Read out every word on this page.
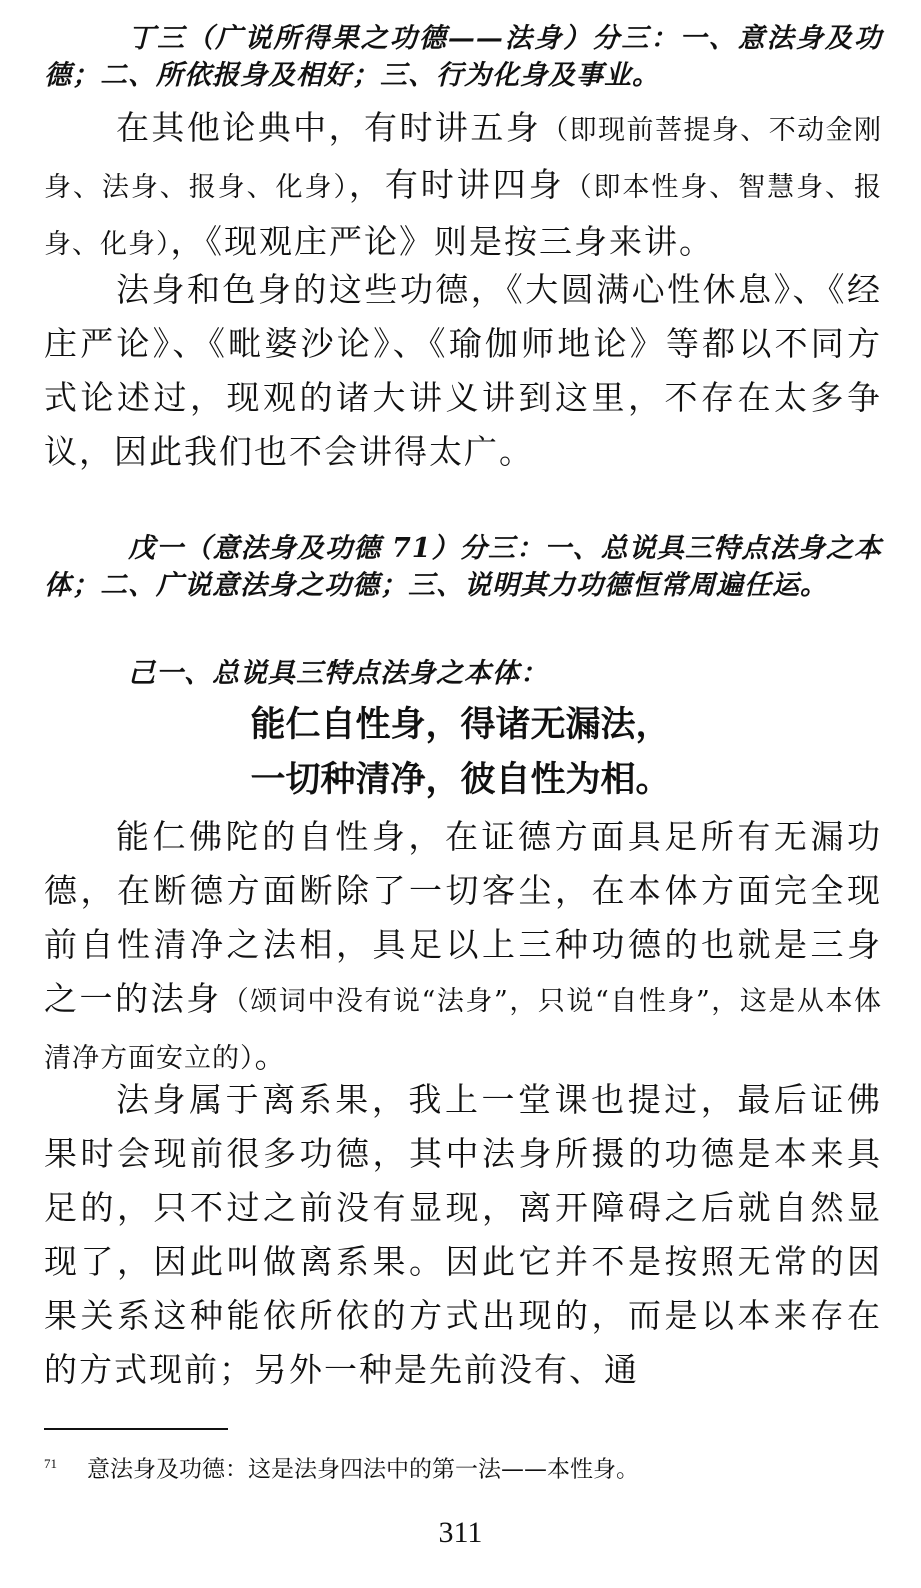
丁三（广说所得果之功德——法身）分三：一、意法身及功德；二、所依报身及相好；三、行为化身及事业。
在其他论典中，有时讲五身（即现前菩提身、不动金刚身、法身、报身、化身），有时讲四身（即本性身、智慧身、报身、化身），《现观庄严论》则是按三身来讲。
法身和色身的这些功德，《大圆满心性休息》、《经庄严论》、《毗婆沙论》、《瑜伽师地论》等都以不同方式论述过，现观的诸大讲义讲到这里，不存在太多争议，因此我们也不会讲得太广。
戊一（意法身及功德 71）分三：一、总说具三特点法身之本体；二、广说意法身之功德；三、说明其力功德恒常周遍任运。
己一、总说具三特点法身之本体：
能仁自性身，得诸无漏法，
一切种清净，彼自性为相。
能仁佛陀的自性身，在证德方面具足所有无漏功德，在断德方面断除了一切客尘，在本体方面完全现前自性清净之法相，具足以上三种功德的也就是三身之一的法身（颂词中没有说“法身”，只说“自性身”，这是从本体清净方面安立的）。
法身属于离系果，我上一堂课也提过，最后证佛果时会现前很多功德，其中法身所摄的功德是本来具足的，只不过之前没有显现，离开障碍之后就自然显现了，因此叫做离系果。因此它并不是按照无常的因果关系这种能依所依的方式出现的，而是以本来存在的方式现前；另外一种是先前没有、通
$^{71}$ 意法身及功德：这是法身四法中的第一法——本性身。
311
